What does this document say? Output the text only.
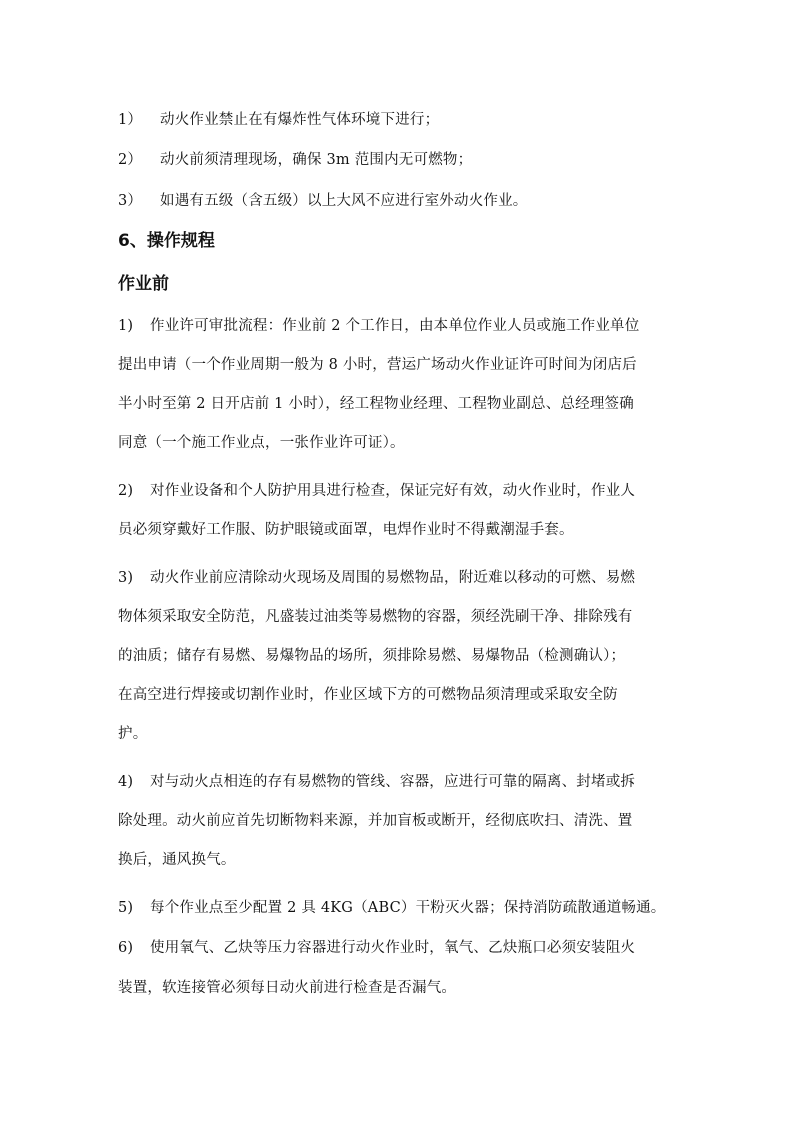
1） 动火作业禁止在有爆炸性气体环境下进行；
2） 动火前须清理现场，确保 3m 范围内无可燃物；
3） 如遇有五级（含五级）以上大风不应进行室外动火作业。
6、操作规程
作业前
1) 作业许可审批流程：作业前 2 个工作日，由本单位作业人员或施工作业单位
提出申请（一个作业周期一般为 8 小时，营运广场动火作业证许可时间为闭店后
半小时至第 2 日开店前 1 小时），经工程物业经理、工程物业副总、总经理签确
同意（一个施工作业点，一张作业许可证）。
2) 对作业设备和个人防护用具进行检查，保证完好有效，动火作业时，作业人
员必须穿戴好工作服、防护眼镜或面罩，电焊作业时不得戴潮湿手套。
3) 动火作业前应清除动火现场及周围的易燃物品，附近难以移动的可燃、易燃
物体须采取安全防范，凡盛装过油类等易燃物的容器，须经洗刷干净、排除残有
的油质；储存有易燃、易爆物品的场所，须排除易燃、易爆物品（检测确认）；
在高空进行焊接或切割作业时，作业区域下方的可燃物品须清理或采取安全防
护。
4) 对与动火点相连的存有易燃物的管线、容器，应进行可靠的隔离、封堵或拆
除处理。动火前应首先切断物料来源，并加盲板或断开，经彻底吹扫、清洗、置
换后，通风换气。
5) 每个作业点至少配置 2 具 4KG（ABC）干粉灭火器；保持消防疏散通道畅通。
6) 使用氧气、乙炔等压力容器进行动火作业时，氧气、乙炔瓶口必须安装阻火
装置，软连接管必须每日动火前进行检查是否漏气。
